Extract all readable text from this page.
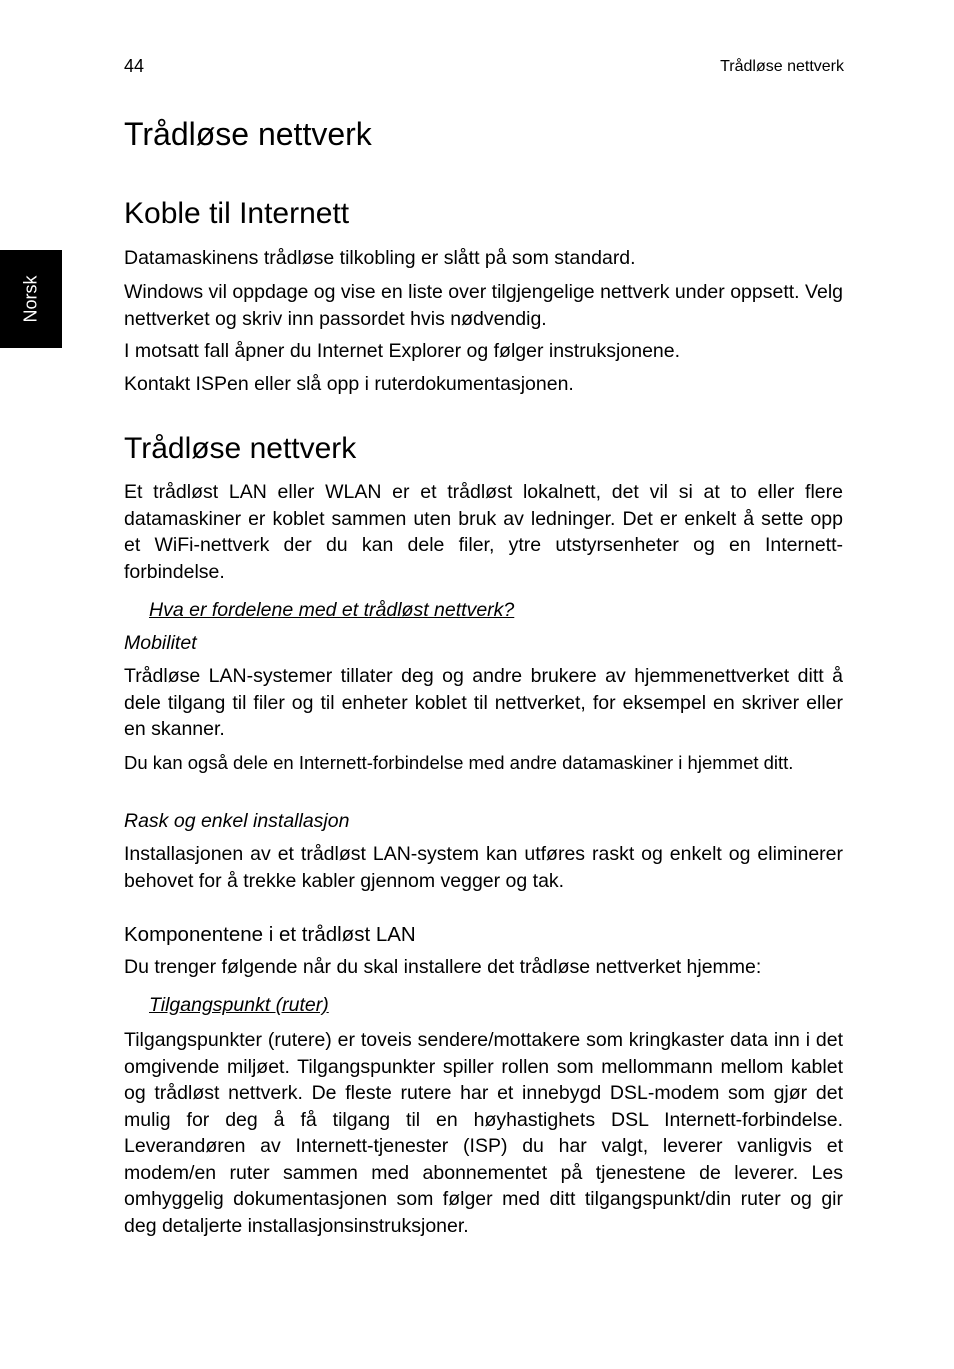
44	Trådløse nettverk
Norsk
Trådløse nettverk
Koble til Internett

Datamaskinens trådløse tilkobling er slått på som standard.

Windows vil oppdage og vise en liste over tilgjengelige nettverk under oppsett. Velg nettverket og skriv inn passordet hvis nødvendig.

I motsatt fall åpner du Internet Explorer og følger instruksjonene.

Kontakt ISPen eller slå opp i ruterdokumentasjonen.

Trådløse nettverk

Et trådløst LAN eller WLAN er et trådløst lokalnett, det vil si at to eller flere datamaskiner er koblet sammen uten bruk av ledninger. Det er enkelt å sette opp et WiFi-nettverk der du kan dele filer, ytre utstyrsenheter og en Internett-forbindelse.

Hva er fordelene med et trådløst nettverk?

Mobilitet

Trådløse LAN-systemer tillater deg og andre brukere av hjemmenettverket ditt å dele tilgang til filer og til enheter koblet til nettverket, for eksempel en skriver eller en skanner.

Du kan også dele en Internett-forbindelse med andre datamaskiner i hjemmet ditt.

Rask og enkel installasjon

Installasjonen av et trådløst LAN-system kan utføres raskt og enkelt og eliminerer behovet for å trekke kabler gjennom vegger og tak.

Komponentene i et trådløst LAN

Du trenger følgende når du skal installere det trådløse nettverket hjemme:

Tilgangspunkt (ruter)

Tilgangspunkter (rutere) er toveis sendere/mottakere som kringkaster data inn i det omgivende miljøet. Tilgangspunkter spiller rollen som mellommann mellom kablet og trådløst nettverk. De fleste rutere har et innebygd DSL-modem som gjør det mulig for deg å få tilgang til en høyhastighets DSL Internett-forbindelse. Leverandøren av Internett-tjenester (ISP) du har valgt, leverer vanligvis et modem/en ruter sammen med abonnementet på tjenestene de leverer. Les omhyggelig dokumentasjonen som følger med ditt tilgangspunkt/din ruter og gir deg detaljerte installasjonsinstruksjoner.
